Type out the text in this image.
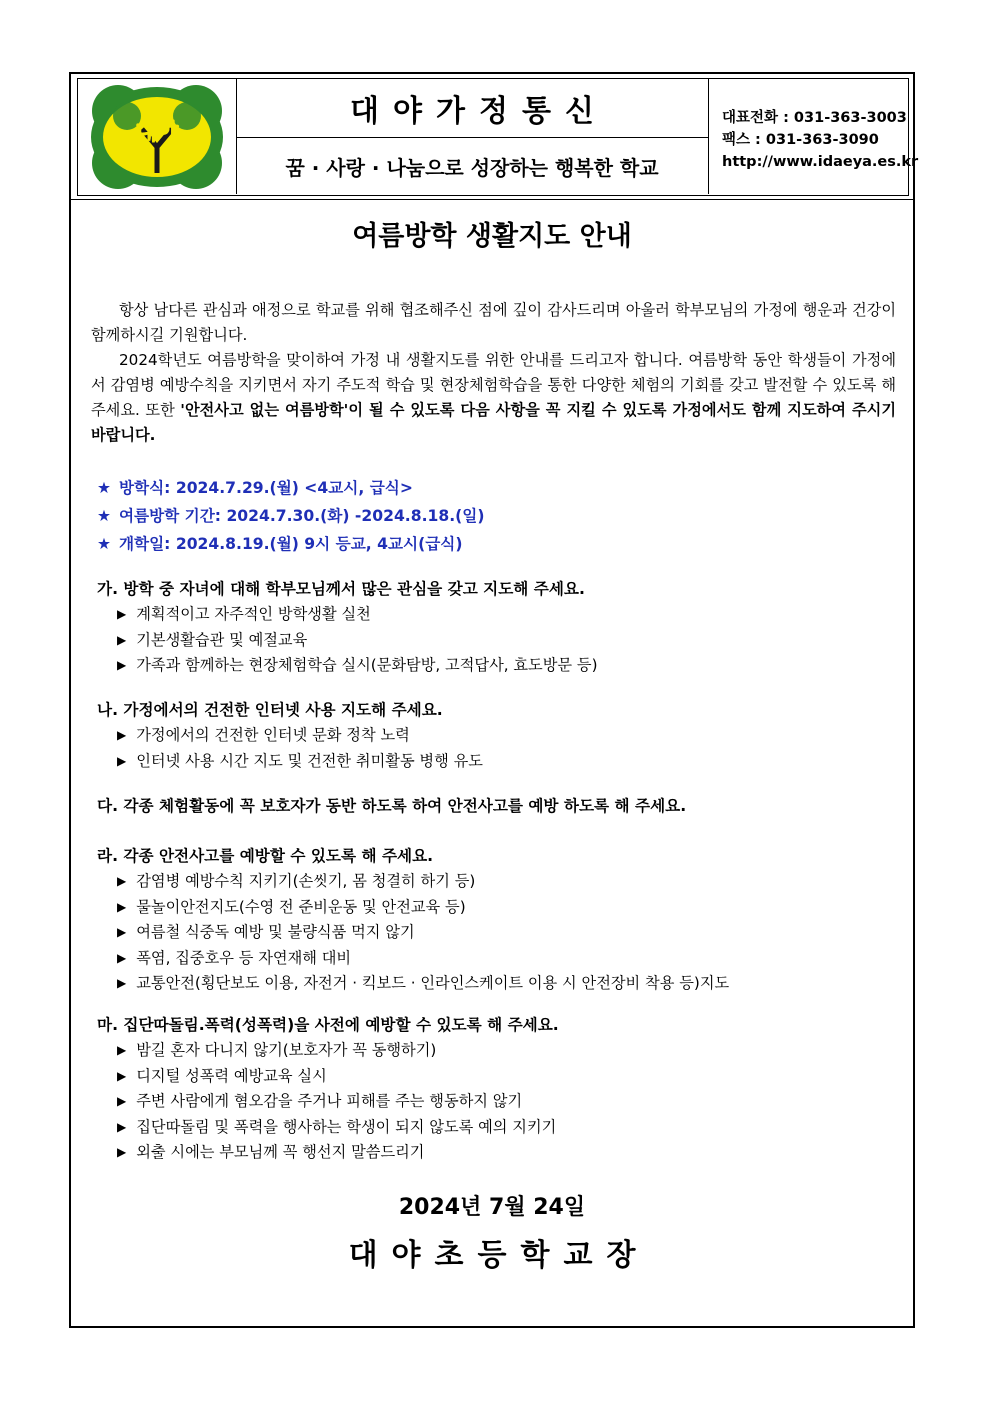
대야
대야가정통신
꿈 · 사랑 · 나눔으로 성장하는 행복한 학교
대표전화 : 031-363-3003
팩스 : 031-363-3090
http://www.idaeya.es.kr
여름방학 생활지도 안내

항상 남다른 관심과 애정으로 학교를 위해 협조해주신 점에 깊이 감사드리며 아울러 학부모님의 가정에 행운과 건강이 함께하시길 기원합니다.

2024학년도 여름방학을 맞이하여 가정 내 생활지도를 위한 안내를 드리고자 합니다. 여름방학 동안 학생들이 가정에서 감염병 예방수칙을 지키면서 자기 주도적 학습 및 현장체험학습을 통한 다양한 체험의 기회를 갖고 발전할 수 있도록 해주세요. 또한 '안전사고 없는 여름방학'이 될 수 있도록 다음 사항을 꼭 지킬 수 있도록 가정에서도 함께 지도하여 주시기 바랍니다.

★ 방학식: 2024.7.29.(월) <4교시, 급식>
★ 여름방학 기간: 2024.7.30.(화) -2024.8.18.(일)
★ 개학일: 2024.8.19.(월) 9시 등교, 4교시(급식)

가. 방학 중 자녀에 대해 학부모님께서 많은 관심을 갖고 지도해 주세요.

▶ 계획적이고 자주적인 방학생활 실천
▶ 기본생활습관 및 예절교육
▶ 가족과 함께하는 현장체험학습 실시(문화탐방, 고적답사, 효도방문 등)

나. 가정에서의 건전한 인터넷 사용 지도해 주세요.

▶ 가정에서의 건전한 인터넷 문화 정착 노력
▶ 인터넷 사용 시간 지도 및 건전한 취미활동 병행 유도

다. 각종 체험활동에 꼭 보호자가 동반 하도록 하여 안전사고를 예방 하도록 해 주세요.

라. 각종 안전사고를 예방할 수 있도록 해 주세요.

▶ 감염병 예방수칙 지키기(손씻기, 몸 청결히 하기 등)
▶ 물놀이안전지도(수영 전 준비운동 및 안전교육 등)
▶ 여름철 식중독 예방 및 불량식품 먹지 않기
▶ 폭염, 집중호우 등 자연재해 대비
▶ 교통안전(횡단보도 이용, 자전거 · 킥보드 · 인라인스케이트 이용 시 안전장비 착용 등)지도

마. 집단따돌림.폭력(성폭력)을 사전에 예방할 수 있도록 해 주세요.

▶ 밤길 혼자 다니지 않기(보호자가 꼭 동행하기)
▶ 디지털 성폭력 예방교육 실시
▶ 주변 사람에게 혐오감을 주거나 피해를 주는 행동하지 않기
▶ 집단따돌림 및 폭력을 행사하는 학생이 되지 않도록 예의 지키기
▶ 외출 시에는 부모님께 꼭 행선지 말씀드리기
2024년 7월 24일
대야초등학교장
